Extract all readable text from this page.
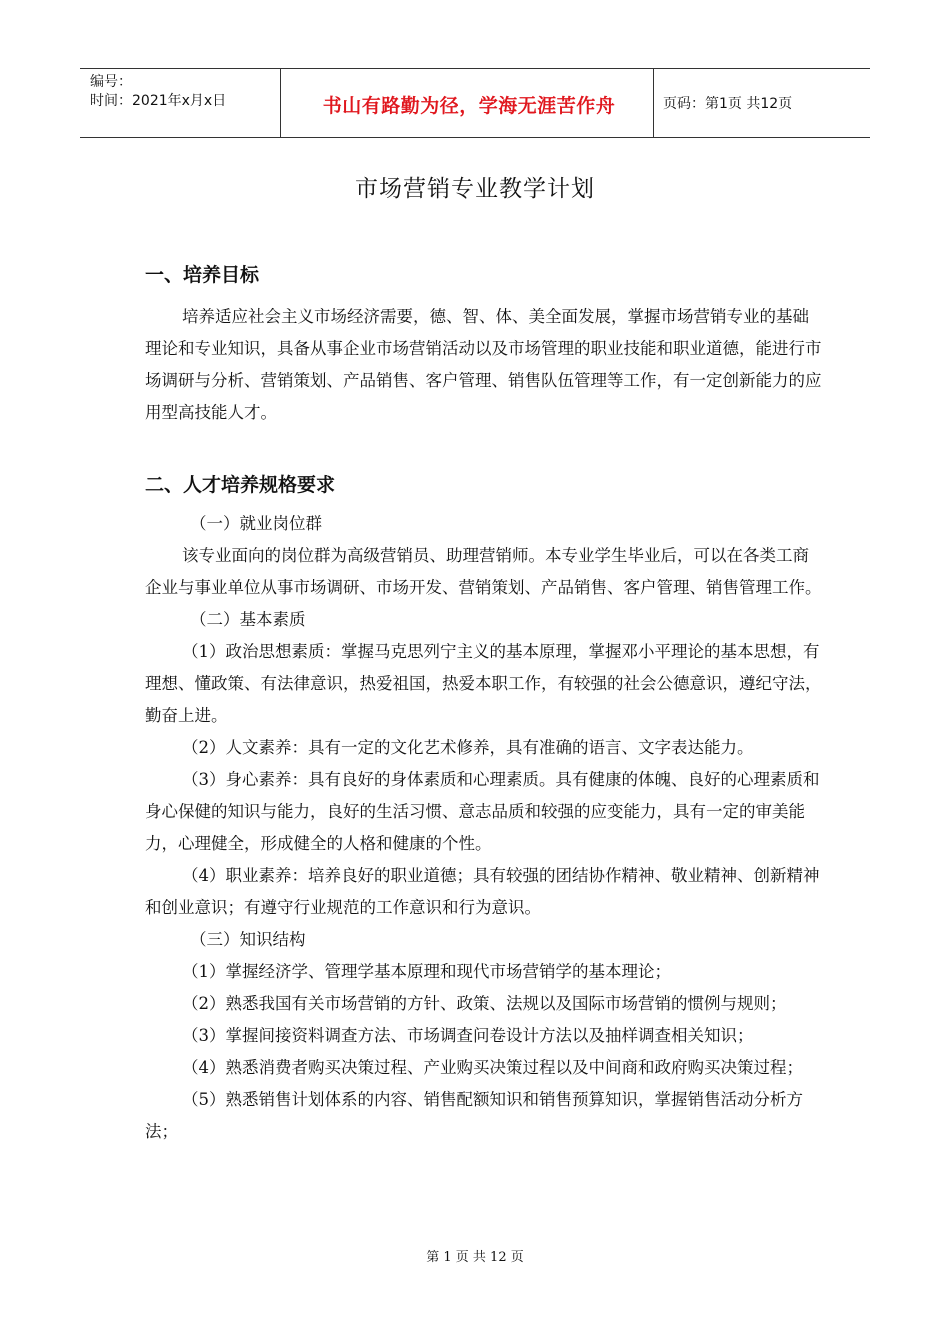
编号：
时间：2021年x月x日	书山有路勤为径，学海无涯苦作舟	页码：第1页 共12页
市场营销专业教学计划
一、培养目标

培养适应社会主义市场经济需要，德、智、体、美全面发展，掌握市场营销专业的基础理论和专业知识，具备从事企业市场营销活动以及市场管理的职业技能和职业道德，能进行市场调研与分析、营销策划、产品销售、客户管理、销售队伍管理等工作，有一定创新能力的应用型高技能人才。

二、人才培养规格要求

（一）就业岗位群

该专业面向的岗位群为高级营销员、助理营销师。本专业学生毕业后，可以在各类工商企业与事业单位从事市场调研、市场开发、营销策划、产品销售、客户管理、销售管理工作。

（二）基本素质

（1）政治思想素质：掌握马克思列宁主义的基本原理，掌握邓小平理论的基本思想，有理想、懂政策、有法律意识，热爱祖国，热爱本职工作，有较强的社会公德意识，遵纪守法，勤奋上进。

（2）人文素养：具有一定的文化艺术修养，具有准确的语言、文字表达能力。

（3）身心素养：具有良好的身体素质和心理素质。具有健康的体魄、良好的心理素质和身心保健的知识与能力，良好的生活习惯、意志品质和较强的应变能力，具有一定的审美能力，心理健全，形成健全的人格和健康的个性。

（4）职业素养：培养良好的职业道德；具有较强的团结协作精神、敬业精神、创新精神和创业意识；有遵守行业规范的工作意识和行为意识。

（三）知识结构

（1）掌握经济学、管理学基本原理和现代市场营销学的基本理论；

（2）熟悉我国有关市场营销的方针、政策、法规以及国际市场营销的惯例与规则；

（3）掌握间接资料调查方法、市场调查问卷设计方法以及抽样调查相关知识；

（4）熟悉消费者购买决策过程、产业购买决策过程以及中间商和政府购买决策过程；

（5）熟悉销售计划体系的内容、销售配额知识和销售预算知识，掌握销售活动分析方法；

第 1 页 共 12 页
